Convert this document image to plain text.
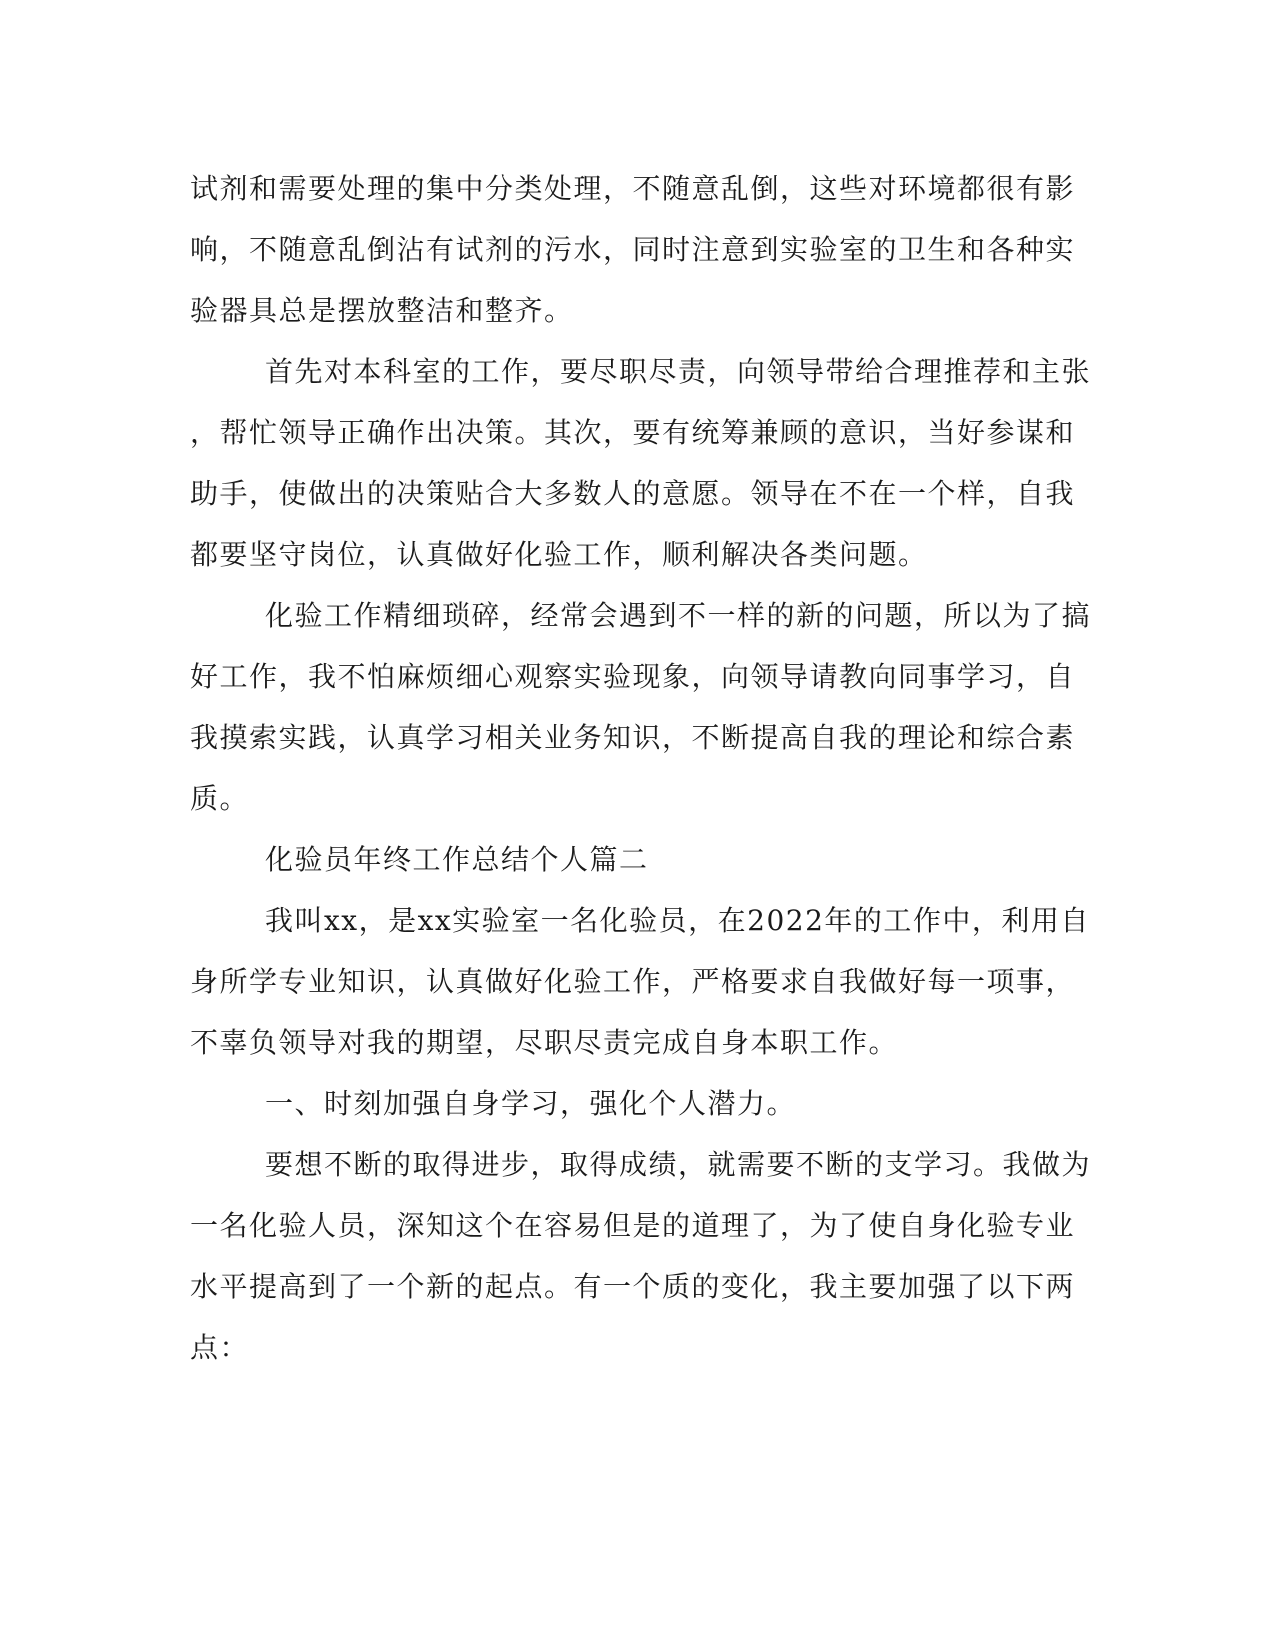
试剂和需要处理的集中分类处理，不随意乱倒，这些对环境都很有影
响，不随意乱倒沾有试剂的污水，同时注意到实验室的卫生和各种实
验器具总是摆放整洁和整齐。

首先对本科室的工作，要尽职尽责，向领导带给合理推荐和主张
，帮忙领导正确作出决策。其次，要有统筹兼顾的意识，当好参谋和
助手，使做出的决策贴合大多数人的意愿。领导在不在一个样，自我
都要坚守岗位，认真做好化验工作，顺利解决各类问题。

化验工作精细琐碎，经常会遇到不一样的新的问题，所以为了搞
好工作，我不怕麻烦细心观察实验现象，向领导请教向同事学习，自
我摸索实践，认真学习相关业务知识，不断提高自我的理论和综合素
质。

化验员年终工作总结个人篇二

我叫xx，是xx实验室一名化验员，在2022年的工作中，利用自
身所学专业知识，认真做好化验工作，严格要求自我做好每一项事，
不辜负领导对我的期望，尽职尽责完成自身本职工作。

一、时刻加强自身学习，强化个人潜力。

要想不断的取得进步，取得成绩，就需要不断的支学习。我做为
一名化验人员，深知这个在容易但是的道理了，为了使自身化验专业
水平提高到了一个新的起点。有一个质的变化，我主要加强了以下两
点：
